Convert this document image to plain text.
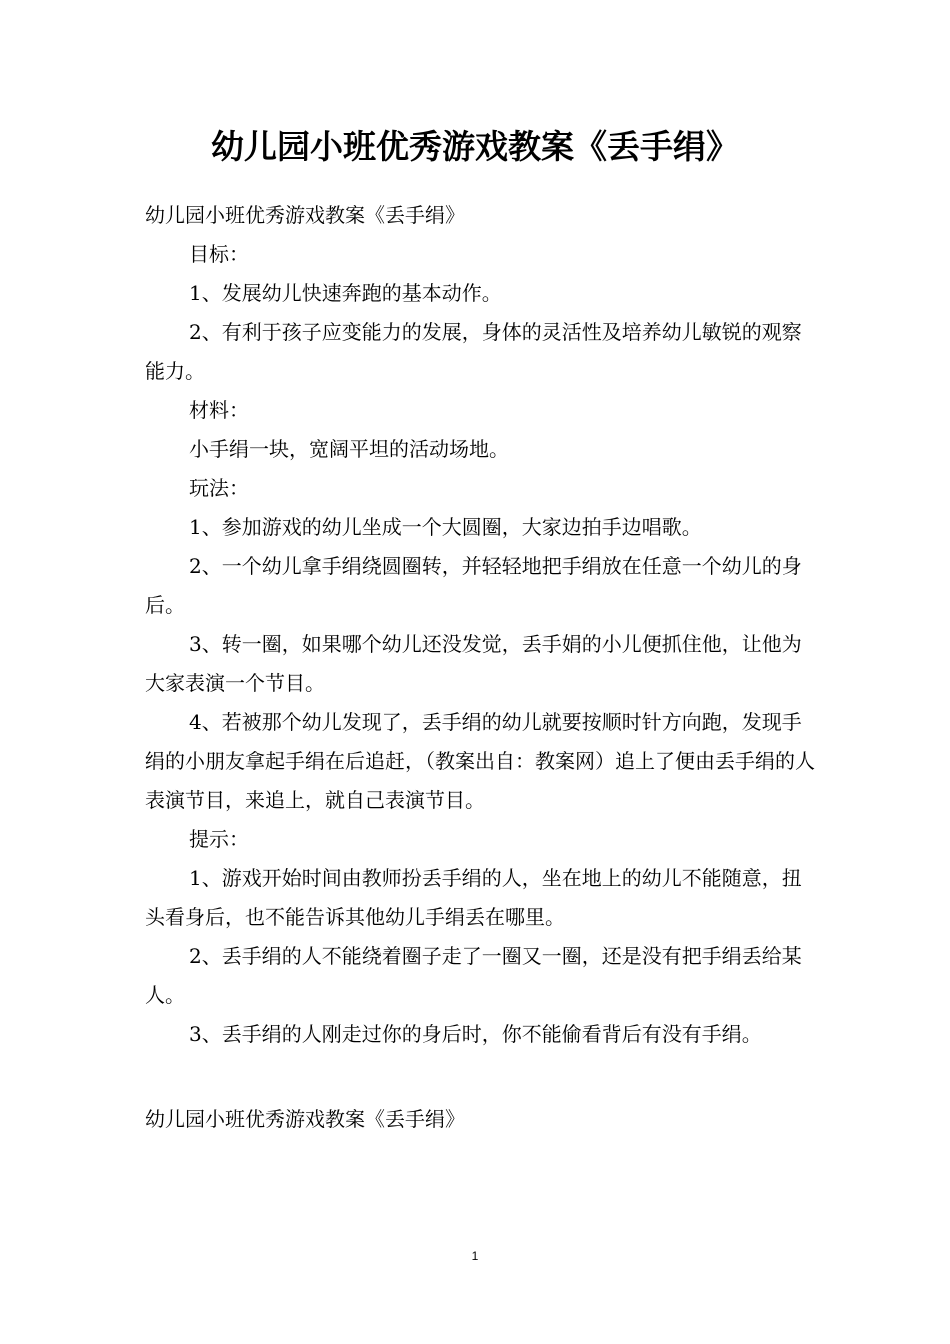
幼儿园小班优秀游戏教案《丢手绢》

幼儿园小班优秀游戏教案《丢手绢》

目标：

1、发展幼儿快速奔跑的基本动作。

2、有利于孩子应变能力的发展，身体的灵活性及培养幼儿敏锐的观察能力。

材料：

小手绢一块，宽阔平坦的活动场地。

玩法：

1、参加游戏的幼儿坐成一个大圆圈，大家边拍手边唱歌。

2、一个幼儿拿手绢绕圆圈转，并轻轻地把手绢放在任意一个幼儿的身后。

3、转一圈，如果哪个幼儿还没发觉，丢手娟的小儿便抓住他，让他为大家表演一个节目。

4、若被那个幼儿发现了，丢手绢的幼儿就要按顺时针方向跑，发现手绢的小朋友拿起手绢在后追赶，（教案出自：教案网）追上了便由丢手绢的人表演节目，来追上，就自己表演节目。

提示：

1、游戏开始时间由教师扮丢手绢的人，坐在地上的幼儿不能随意，扭头看身后，也不能告诉其他幼儿手绢丢在哪里。

2、丢手绢的人不能绕着圈子走了一圈又一圈，还是没有把手绢丢给某人。

3、丢手绢的人刚走过你的身后时，你不能偷看背后有没有手绢。

幼儿园小班优秀游戏教案《丢手绢》
1
